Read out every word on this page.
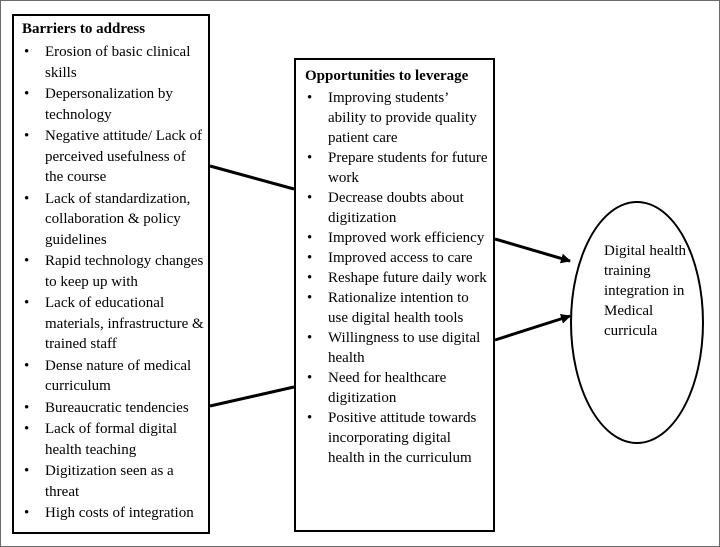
Barriers to address
• Erosion of basic clinical skills
• Depersonalization by technology
• Negative attitude/ Lack of perceived usefulness of the course
• Lack of standardization, collaboration & policy guidelines
• Rapid technology changes to keep up with
• Lack of educational materials, infrastructure & trained staff
• Dense nature of medical curriculum
• Bureaucratic tendencies
• Lack of formal digital health teaching
• Digitization seen as a threat
• High costs of integration
Opportunities to leverage
• Improving students’ ability to provide quality patient care
• Prepare students for future work
• Decrease doubts about digitization
• Improved work efficiency
• Improved access to care
• Reshape future daily work
• Rationalize intention to use digital health tools
• Willingness to use digital health
• Need for healthcare digitization
• Positive attitude towards incorporating digital health in the curriculum
Digital health training integration in Medical curricula
